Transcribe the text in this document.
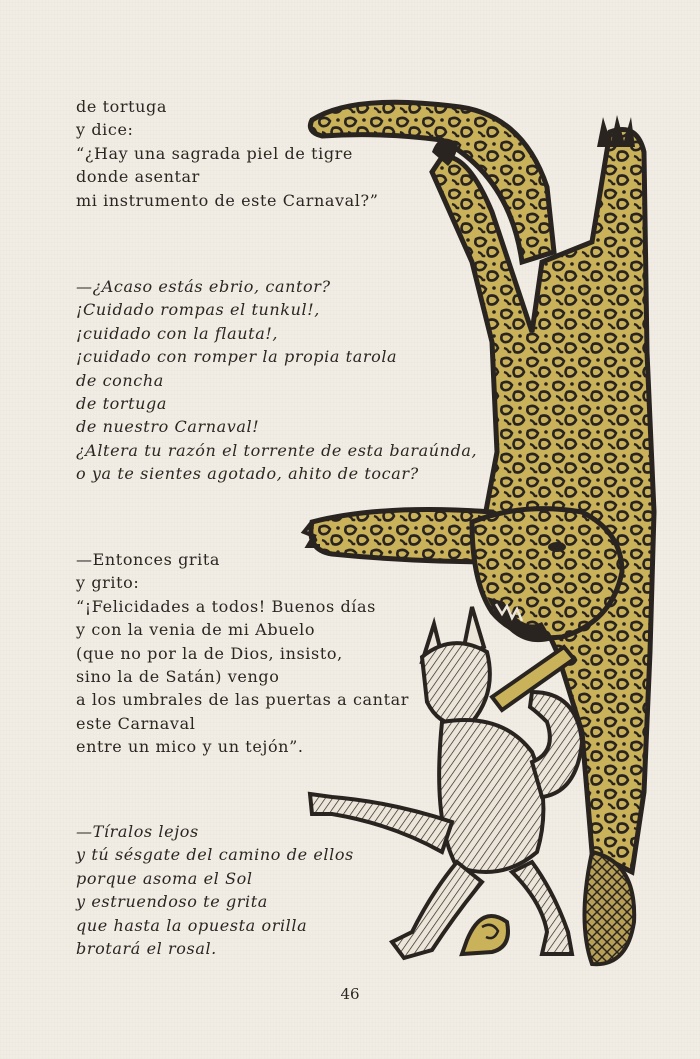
de tortuga
y dice:
“¿Hay una sagrada piel de tigre
donde asentar
mi instrumento de este Carnaval?”
—¿Acaso estás ebrio, cantor?
¡Cuidado rompas el tunkul!,
¡cuidado con la flauta!,
¡cuidado con romper la propia tarola
de concha
de tortuga
de nuestro Carnaval!
¿Altera tu razón el torrente de esta baraúnda,
o ya te sientes agotado, ahito de tocar?
—Entonces grita
y grito:
“¡Felicidades a todos! Buenos días
y con la venia de mi Abuelo
(que no por la de Dios, insisto,
sino la de Satán) vengo
a los umbrales de las puertas a cantar
este Carnaval
entre un mico y un tejón”.
—Tíralos lejos
y tú sésgate del camino de ellos
porque asoma el Sol
y estruendoso te grita
que hasta la opuesta orilla
brotará el rosal.
46
